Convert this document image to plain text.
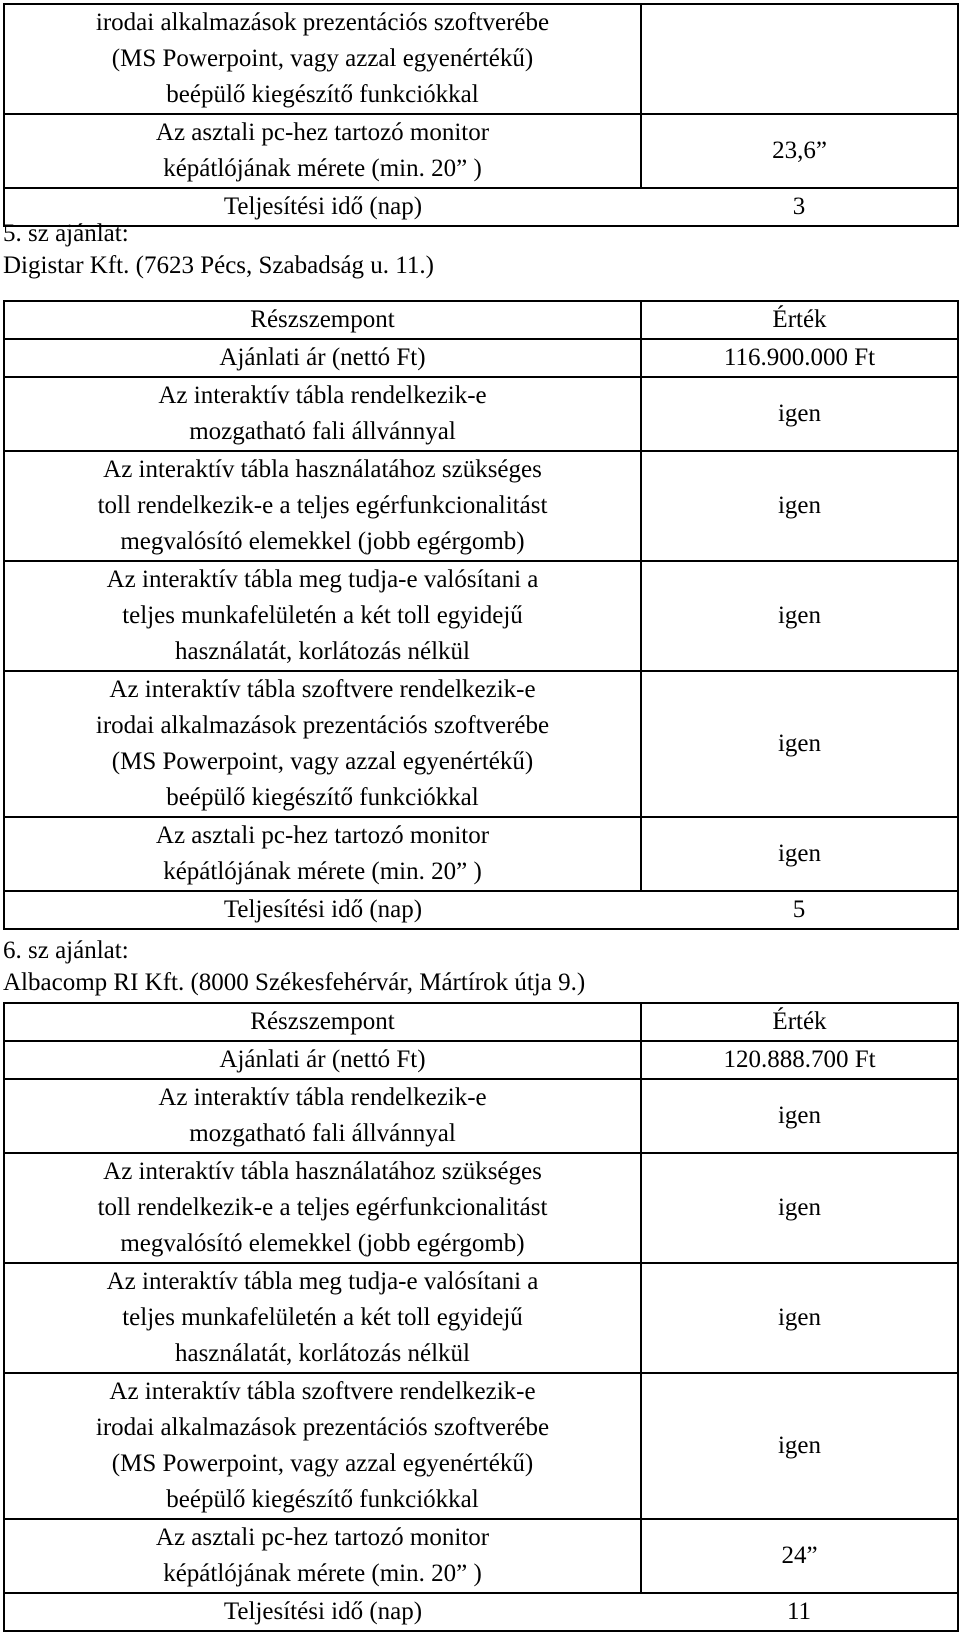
irodai alkalmazások prezentációs szoftverébe
(MS Powerpoint, vagy azzal egyenértékű)
beépülő kiegészítő funkciókkal	
Az asztali pc-hez tartozó monitor
képátlójának mérete (min. 20” )	23,6”
Teljesítési idő (nap)	3
5. sz ajánlat:
Digistar Kft. (7623 Pécs, Szabadság u. 11.)
Részszempont	Érték
Ajánlati ár (nettó Ft)	116.900.000 Ft
Az interaktív tábla rendelkezik-e
mozgatható fali állvánnyal	igen
Az interaktív tábla használatához szükséges
toll rendelkezik-e a teljes egérfunkcionalitást
megvalósító elemekkel (jobb egérgomb)	igen
Az interaktív tábla meg tudja-e valósítani a
teljes munkafelületén a két toll egyidejű
használatát, korlátozás nélkül	igen
Az interaktív tábla szoftvere rendelkezik-e
irodai alkalmazások prezentációs szoftverébe
(MS Powerpoint, vagy azzal egyenértékű)
beépülő kiegészítő funkciókkal	igen
Az asztali pc-hez tartozó monitor
képátlójának mérete (min. 20” )	igen
Teljesítési idő (nap)	5
6. sz ajánlat:
Albacomp RI Kft. (8000 Székesfehérvár, Mártírok útja 9.)
Részszempont	Érték
Ajánlati ár (nettó Ft)	120.888.700 Ft
Az interaktív tábla rendelkezik-e
mozgatható fali állvánnyal	igen
Az interaktív tábla használatához szükséges
toll rendelkezik-e a teljes egérfunkcionalitást
megvalósító elemekkel (jobb egérgomb)	igen
Az interaktív tábla meg tudja-e valósítani a
teljes munkafelületén a két toll egyidejű
használatát, korlátozás nélkül	igen
Az interaktív tábla szoftvere rendelkezik-e
irodai alkalmazások prezentációs szoftverébe
(MS Powerpoint, vagy azzal egyenértékű)
beépülő kiegészítő funkciókkal	igen
Az asztali pc-hez tartozó monitor
képátlójának mérete (min. 20” )	24”
Teljesítési idő (nap)	11
